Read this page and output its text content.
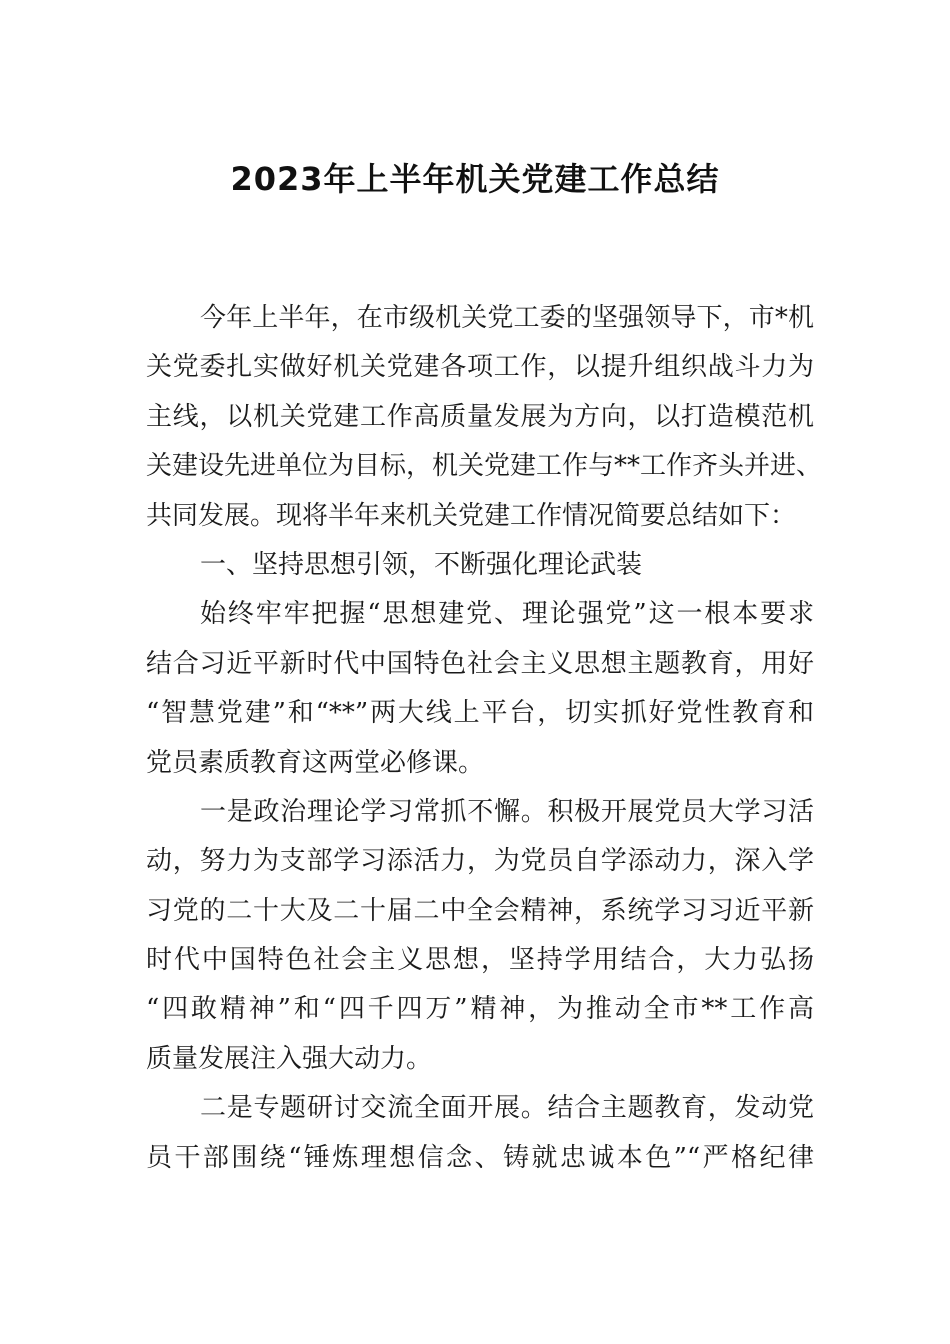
2023年上半年机关党建工作总结
今年上半年，在市级机关党工委的坚强领导下，市*机
关党委扎实做好机关党建各项工作，以提升组织战斗力为
主线，以机关党建工作高质量发展为方向，以打造模范机
关建设先进单位为目标，机关党建工作与**工作齐头并进、
共同发展。现将半年来机关党建工作情况简要总结如下：
一、坚持思想引领，不断强化理论武装
始终牢牢把握“思想建党、理论强党”这一根本要求
结合习近平新时代中国特色社会主义思想主题教育，用好
“智慧党建”和“**”两大线上平台，切实抓好党性教育和
党员素质教育这两堂必修课。
一是政治理论学习常抓不懈。积极开展党员大学习活
动，努力为支部学习添活力，为党员自学添动力，深入学
习党的二十大及二十届二中全会精神，系统学习习近平新
时代中国特色社会主义思想，坚持学用结合，大力弘扬
“四敢精神”和“四千四万”精神，为推动全市**工作高
质量发展注入强大动力。
二是专题研讨交流全面开展。结合主题教育，发动党
员干部围绕“锤炼理想信念、铸就忠诚本色”“严格纪律
